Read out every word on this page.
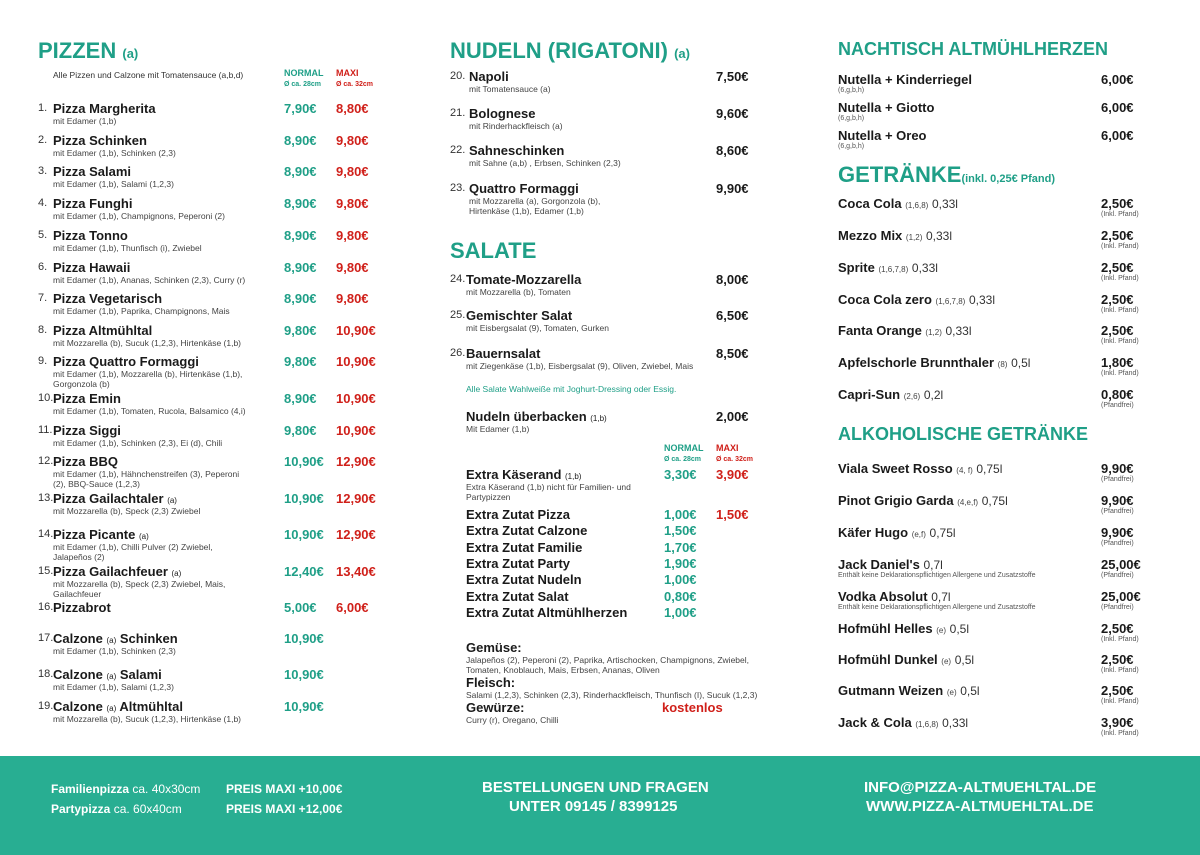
PIZZEN (a)
Alle Pizzen und Calzone mit Tomatensauce (a,b,d)	NORMAL
Ø ca. 28cm
MAXI
Ø ca. 32cm
1. Pizza Margherita
mit Edamer (1,b)
7,90€ 8,80€
2. Pizza Schinken
mit Edamer (1,b), Schinken (2,3)
8,90€ 9,80€
3. Pizza Salami
mit Edamer (1,b), Salami (1,2,3)
8,90€ 9,80€
4. Pizza Funghi
mit Edamer (1,b), Champignons, Peperoni (2)
8,90€ 9,80€
5. Pizza Tonno
mit Edamer (1,b), Thunfisch (i), Zwiebel
8,90€ 9,80€
6. Pizza Hawaii
mit Edamer (1,b), Ananas, Schinken (2,3), Curry (r)
8,90€ 9,80€
7. Pizza Vegetarisch
mit Edamer (1,b), Paprika, Champignons, Mais
8,90€ 9,80€
8. Pizza Altmühltal
mit Mozzarella (b), Sucuk (1,2,3), Hirtenkäse (1,b)
9,80€ 10,90€
9. Pizza Quattro Formaggi
mit Edamer (1,b), Mozzarella (b), Hirtenkäse (1,b), Gorgonzola (b)
9,80€ 10,90€
10. Pizza Emin
mit Edamer (1,b), Tomaten, Rucola, Balsamico (4,i)
8,90€ 10,90€
11. Pizza Siggi
mit Edamer (1,b), Schinken (2,3), Ei (d), Chili
9,80€ 10,90€
12. Pizza BBQ
mit Edamer (1,b), Hähnchenstreifen (3), Peperoni (2), BBQ-Sauce (1,2,3)
10,90€ 12,90€
13. Pizza Gailachtaler (a)
mit Mozzarella (b), Speck (2,3) Zwiebel
10,90€ 12,90€
14. Pizza Picante (a)
mit Edamer (1,b), Chilli Pulver (2) Zwiebel, Jalapeños (2)
10,90€ 12,90€
15. Pizza Gailachfeuer (a)
mit Mozzarella (b), Speck (2,3) Zwiebel, Mais, Gailachfeuer
12,40€ 13,40€
16. Pizzabrot	5,00€ 6,00€
17. Calzone (a) Schinken
mit Edamer (1,b), Schinken (2,3)
10,90€
18. Calzone (a) Salami
mit Edamer (1,b), Salami (1,2,3)
10,90€
19. Calzone (a) Altmühltal
mit Mozzarella (b), Sucuk (1,2,3), Hirtenkäse (1,b)
10,90€
NUDELN (RIGATONI) (a)
20. Napoli
mit Tomatensauce (a)
7,50€
21. Bolognese
mit Rinderhackfleisch (a)
9,60€
22. Sahneschinken
mit Sahne (a,b) , Erbsen, Schinken (2,3)
8,60€
23. Quattro Formaggi
mit Mozzarella (a), Gorgonzola (b), Hirtenkäse (1,b), Edamer (1,b)
9,90€
SALATE
24. Tomate-Mozzarella
mit Mozzarella (b), Tomaten
8,00€
25. Gemischter Salat
mit Eisbergsalat (9), Tomaten, Gurken
6,50€
26. Bauernsalat
mit Ziegenkäse (1,b), Eisbergsalat (9), Oliven, Zwiebel, Mais
8,50€
Alle Salate Wahlweiße mit Joghurt-Dressing oder Essig.
Nudeln überbacken (1,b)
Mit Edamer (1,b)
2,00€
NORMAL
Ø ca. 28cm
MAXI
Ø ca. 32cm
Extra Käserand (1,b)
Extra Käserand (1,b) nicht für Familien- und Partypizzen
3,30€ 3,90€
Extra Zutat Pizza	1,00€ 1,50€
Extra Zutat Calzone	1,50€
Extra Zutat Familie	1,70€
Extra Zutat Party	1,90€
Extra Zutat Nudeln	1,00€
Extra Zutat Salat	0,80€
Extra Zutat Altmühlherzen	1,00€
Gemüse:
Jalapeños (2), Peperoni (2), Paprika, Artischocken, Champignons, Zwiebel, Tomaten, Knoblauch, Mais, Erbsen, Ananas, Oliven
Fleisch:
Salami (1,2,3), Schinken (2,3), Rinderhackfleisch, Thunfisch (I), Sucuk (1,2,3)
Gewürze:	kostenlos
Curry (r), Oregano, Chilli
NACHTISCH ALTMÜHLHERZEN
Nutella + Kinderriegel
(6,g,b,h)
6,00€
Nutella + Giotto
(6,g,b,h)
6,00€
Nutella + Oreo
(6,g,b,h)
6,00€
GETRÄNKE(inkl. 0,25€ Pfand)
Coca Cola (1,6,8) 0,33l	2,50€
(Inkl. Pfand)
Mezzo Mix (1,2) 0,33l	2,50€
(Inkl. Pfand)
Sprite (1,6,7,8) 0,33l	2,50€
(Inkl. Pfand)
Coca Cola zero (1,6,7,8) 0,33l	2,50€
(Inkl. Pfand)
Fanta Orange (1,2) 0,33l	2,50€
(Inkl. Pfand)
Apfelschorle Brunnthaler (8) 0,5l	1,80€
(Inkl. Pfand)
Capri-Sun (2,6) 0,2l	0,80€
(Pfandfrei)
ALKOHOLISCHE GETRÄNKE
Viala Sweet Rosso (4, f) 0,75l	9,90€
(Pfandfrei)
Pinot Grigio Garda (4,e,f) 0,75l	9,90€
(Pfandfrei)
Käfer Hugo (e,f) 0,75l	9,90€
(Pfandfrei)
Jack Daniel's 0,7l
Enthält keine Deklarationspflichtigen Allergene und Zusatzstoffe
25,00€
(Pfandfrei)
Vodka Absolut 0,7l
Enthält keine Deklarationspflichtigen Allergene und Zusatzstoffe
25,00€
(Pfandfrei)
Hofmühl Helles (e) 0,5l	2,50€
(Inkl. Pfand)
Hofmühl Dunkel (e) 0,5l	2,50€
(Inkl. Pfand)
Gutmann Weizen (e) 0,5l	2,50€
(Inkl. Pfand)
Jack & Cola (1,6,8) 0,33l	3,90€
(Inkl. Pfand)
Familienpizza ca. 40x30cm PREIS MAXI +10,00€
Partypizza ca. 60x40cm	PREIS MAXI +12,00€
BESTELLUNGEN UND FRAGEN
UNTER 09145 / 8399125
INFO@PIZZA-ALTMUEHLTAL.DE
WWW.PIZZA-ALTMUEHLTAL.DE
